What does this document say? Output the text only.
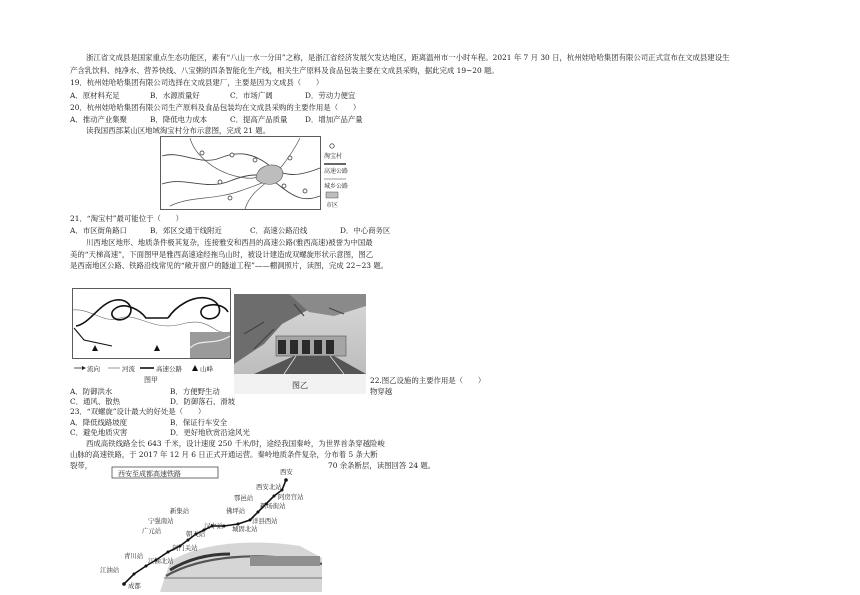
浙江省文成县是国家重点生态功能区，素有“八山一水一分田”之称，是浙江省经济发展欠发达地区，距离温州市一小时车程。2021 年 7 月 30 日，杭州娃哈哈集团有限公司正式宣布在文成县建设生
产含乳饮料、纯净水、营养快线、八宝粥的四条智能化生产线，相关生产原料及食品包装主要在文成县采购，据此完成 19~20 题。
19．杭州娃哈哈集团有限公司选择在文成县建厂，主要是因为文成县（　　）
A．原材料充足	B．水源质量好	C．市场广阔	D．劳动力便宜
20．杭州娃哈哈集团有限公司生产原料及食品包装均在文成县采购的主要作用是（　　）
A．推动产业集聚	B．降低电力成本	C．提高产品质量 D．增加产品产量
读我国西部某山区地域淘宝村分布示意图，完成 21 题。
淘宝村
高速公路
城乡公路
市区
21．“淘宝村”最可能位于（　　）
A．市区街角路口	B．郊区交通干线附近	C．高速公路沿线	D．中心商务区
川西地区地形、地质条件极其复杂，连接雅安和西昌的高速公路(雅西高速)被誉为中国最
美的“天梯高速”，下面图甲是雅西高速途经拖乌山时，被设计建造成双螺旋形状示意图，图乙
是西南地区公路、铁路沿线常见的“敞开窗户的隧道工程”——棚洞照片，读图，完成 22~23 题。
流向	河流	高速公路	山峰
图甲
图乙
22.图乙设施的主要作用是（　　）
物穿越
A．防御洪水	B．方便野生动
C．通风、散热	D．防御落石、滑坡
23．“双螺旋”设计最大的好处是（　　）
A．降低线路坡度	B．保证行车安全
C．避免地质灾害	D．更好地欣赏沿途风光
西成高铁线路全长 643 千米，设计速度 250 千米/时，途经我国秦岭，为世界首条穿越险峻
山脉的高速铁路，于 2017 年 12 月 6 日正式开通运营。秦岭地质条件复杂，分布着 5 条大断
裂带，	70 余条断层，读图回答 24 题。
西安至成都高速铁路	西安
西安北站
阿房宫站
鄠邑站
新场街站
佛坪站
洋县西站
城固北站
汉中站
新集站
宁强南站
朝天站
广元站
剑门关站
青川站
江油北站
江油站
成都
